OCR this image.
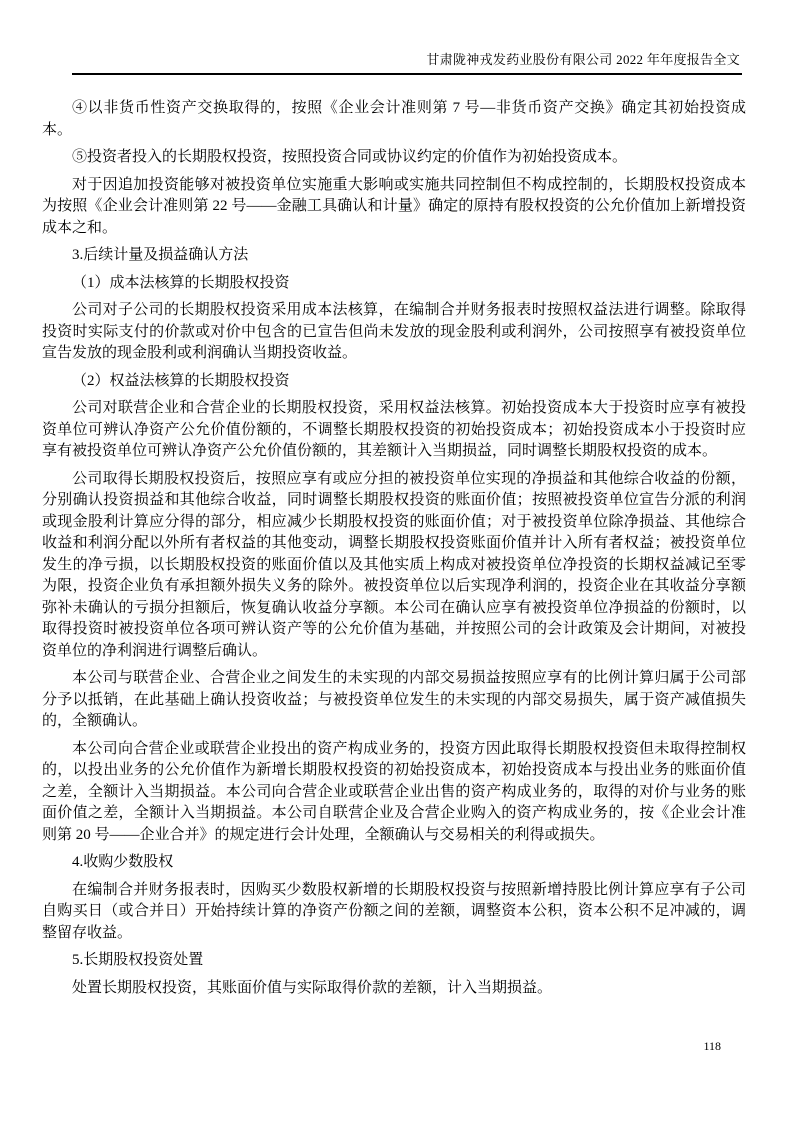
甘肃陇神戎发药业股份有限公司 2022 年年度报告全文

④以非货币性资产交换取得的，按照《企业会计准则第 7 号—非货币资产交换》确定其初始投资成本。

⑤投资者投入的长期股权投资，按照投资合同或协议约定的价值作为初始投资成本。

对于因追加投资能够对被投资单位实施重大影响或实施共同控制但不构成控制的，长期股权投资成本为按照《企业会计准则第 22 号——金融工具确认和计量》确定的原持有股权投资的公允价值加上新增投资成本之和。

3.后续计量及损益确认方法

（1）成本法核算的长期股权投资

公司对子公司的长期股权投资采用成本法核算，在编制合并财务报表时按照权益法进行调整。除取得投资时实际支付的价款或对价中包含的已宣告但尚未发放的现金股利或利润外，公司按照享有被投资单位宣告发放的现金股利或利润确认当期投资收益。

（2）权益法核算的长期股权投资

公司对联营企业和合营企业的长期股权投资，采用权益法核算。初始投资成本大于投资时应享有被投资单位可辨认净资产公允价值份额的，不调整长期股权投资的初始投资成本；初始投资成本小于投资时应享有被投资单位可辨认净资产公允价值份额的，其差额计入当期损益，同时调整长期股权投资的成本。

公司取得长期股权投资后，按照应享有或应分担的被投资单位实现的净损益和其他综合收益的份额，分别确认投资损益和其他综合收益，同时调整长期股权投资的账面价值；按照被投资单位宣告分派的利润或现金股利计算应分得的部分，相应减少长期股权投资的账面价值；对于被投资单位除净损益、其他综合收益和利润分配以外所有者权益的其他变动，调整长期股权投资账面价值并计入所有者权益；被投资单位发生的净亏损，以长期股权投资的账面价值以及其他实质上构成对被投资单位净投资的长期权益减记至零为限，投资企业负有承担额外损失义务的除外。被投资单位以后实现净利润的，投资企业在其收益分享额弥补未确认的亏损分担额后，恢复确认收益分享额。本公司在确认应享有被投资单位净损益的份额时，以取得投资时被投资单位各项可辨认资产等的公允价值为基础，并按照公司的会计政策及会计期间，对被投资单位的净利润进行调整后确认。

本公司与联营企业、合营企业之间发生的未实现的内部交易损益按照应享有的比例计算归属于公司部分予以抵销，在此基础上确认投资收益；与被投资单位发生的未实现的内部交易损失，属于资产减值损失的，全额确认。

本公司向合营企业或联营企业投出的资产构成业务的，投资方因此取得长期股权投资但未取得控制权的，以投出业务的公允价值作为新增长期股权投资的初始投资成本，初始投资成本与投出业务的账面价值之差，全额计入当期损益。本公司向合营企业或联营企业出售的资产构成业务的，取得的对价与业务的账面价值之差，全额计入当期损益。本公司自联营企业及合营企业购入的资产构成业务的，按《企业会计准则第 20 号——企业合并》的规定进行会计处理，全额确认与交易相关的利得或损失。

4.收购少数股权

在编制合并财务报表时，因购买少数股权新增的长期股权投资与按照新增持股比例计算应享有子公司自购买日（或合并日）开始持续计算的净资产份额之间的差额，调整资本公积，资本公积不足冲减的，调整留存收益。

5.长期股权投资处置

处置长期股权投资，其账面价值与实际取得价款的差额，计入当期损益。

118
